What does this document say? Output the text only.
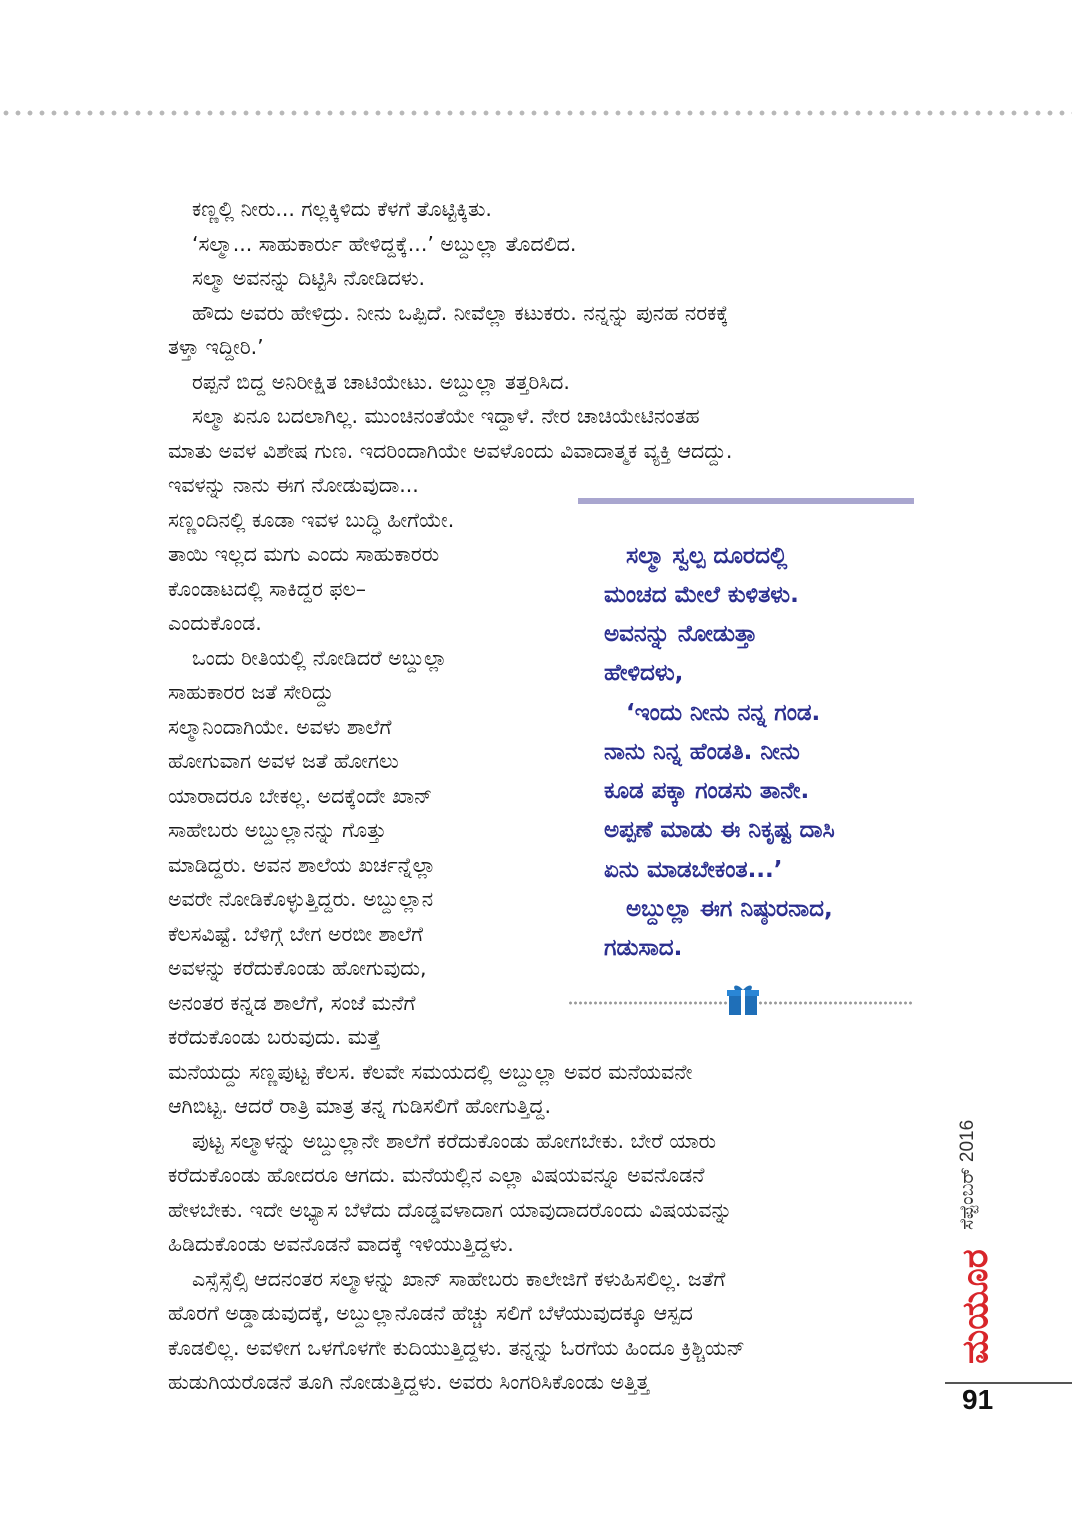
ಕಣ್ಣಲ್ಲಿ ನೀರು... ಗಲ್ಲಕ್ಕಿಳಿದು ಕೆಳಗೆ ತೊಟ್ಟಿಕ್ಕಿತು.
‘ಸಲ್ಮಾ... ಸಾಹುಕಾರ್ರು ಹೇಳಿದ್ದಕ್ಕೆ...’ ಅಬ್ದುಲ್ಲಾ ತೊದಲಿದ.
ಸಲ್ಮಾ ಅವನನ್ನು ದಿಟ್ಟಿಸಿ ನೋಡಿದಳು.
ಹೌದು ಅವರು ಹೇಳಿದ್ರು. ನೀನು ಒಪ್ಪಿದೆ. ನೀವೆಲ್ಲಾ ಕಟುಕರು. ನನ್ನನ್ನು ಪುನಹ ನರಕಕ್ಕೆ
ತಳ್ತಾ ಇದ್ದೀರಿ.’
ರಪ್ಪನೆ ಬಿದ್ದ ಅನಿರೀಕ್ಷಿತ ಚಾಟಿಯೇಟು. ಅಬ್ದುಲ್ಲಾ ತತ್ತರಿಸಿದ.
ಸಲ್ಮಾ ಏನೂ ಬದಲಾಗಿಲ್ಲ. ಮುಂಚಿನಂತೆಯೇ ಇದ್ದಾಳೆ. ನೇರ ಚಾಚಿಯೇಟಿನಂತಹ
ಮಾತು ಅವಳ ವಿಶೇಷ ಗುಣ. ಇದರಿಂದಾಗಿಯೇ ಅವಳೊಂದು ವಿವಾದಾತ್ಮಕ ವ್ಯಕ್ತಿ ಆದದ್ದು.
ಇವಳನ್ನು ನಾನು ಈಗ ನೋಡುವುದಾ...
ಸಣ್ಣಂದಿನಲ್ಲಿ ಕೂಡಾ ಇವಳ ಬುದ್ಧಿ ಹೀಗೆಯೇ.
ತಾಯಿ ಇಲ್ಲದ ಮಗು ಎಂದು ಸಾಹುಕಾರರು
ಕೊಂಡಾಟದಲ್ಲಿ ಸಾಕಿದ್ದರ ಫಲ–
ಎಂದುಕೊಂಡ.
ಒಂದು ರೀತಿಯಲ್ಲಿ ನೋಡಿದರೆ ಅಬ್ದುಲ್ಲಾ
ಸಾಹುಕಾರರ ಜತೆ ಸೇರಿದ್ದು
ಸಲ್ಮಾನಿಂದಾಗಿಯೇ. ಅವಳು ಶಾಲೆಗೆ
ಹೋಗುವಾಗ ಅವಳ ಜತೆ ಹೋಗಲು
ಯಾರಾದರೂ ಬೇಕಲ್ಲ. ಅದಕ್ಕೆಂದೇ ಖಾನ್
ಸಾಹೇಬರು ಅಬ್ದುಲ್ಲಾನನ್ನು ಗೊತ್ತು
ಮಾಡಿದ್ದರು. ಅವನ ಶಾಲೆಯ ಖರ್ಚನ್ನೆಲ್ಲಾ
ಅವರೇ ನೋಡಿಕೊಳ್ಳುತ್ತಿದ್ದರು. ಅಬ್ದುಲ್ಲಾನ
ಕೆಲಸವಿಷ್ಟೆ. ಬೆಳಿಗ್ಗೆ ಬೇಗ ಅರಬೀ ಶಾಲೆಗೆ
ಅವಳನ್ನು ಕರೆದುಕೊಂಡು ಹೋಗುವುದು,
ಅನಂತರ ಕನ್ನಡ ಶಾಲೆಗೆ, ಸಂಜೆ ಮನೆಗೆ
ಕರೆದುಕೊಂಡು ಬರುವುದು. ಮತ್ತೆ
ಮನೆಯದ್ದು ಸಣ್ಣಪುಟ್ಟ ಕೆಲಸ. ಕೆಲವೇ ಸಮಯದಲ್ಲಿ ಅಬ್ದುಲ್ಲಾ ಅವರ ಮನೆಯವನೇ
ಆಗಿಬಿಟ್ಟ. ಆದರೆ ರಾತ್ರಿ ಮಾತ್ರ ತನ್ನ ಗುಡಿಸಲಿಗೆ ಹೋಗುತ್ತಿದ್ದ.
ಪುಟ್ಟ ಸಲ್ಮಾಳನ್ನು ಅಬ್ದುಲ್ಲಾನೇ ಶಾಲೆಗೆ ಕರೆದುಕೊಂಡು ಹೋಗಬೇಕು. ಬೇರೆ ಯಾರು
ಕರೆದುಕೊಂಡು ಹೋದರೂ ಆಗದು. ಮನೆಯಲ್ಲಿನ ಎಲ್ಲಾ ವಿಷಯವನ್ನೂ ಅವನೊಡನೆ
ಹೇಳಬೇಕು. ಇದೇ ಅಭ್ಯಾಸ ಬೆಳೆದು ದೊಡ್ಡವಳಾದಾಗ ಯಾವುದಾದರೊಂದು ವಿಷಯವನ್ನು
ಹಿಡಿದುಕೊಂಡು ಅವನೊಡನೆ ವಾದಕ್ಕೆ ಇಳಿಯುತ್ತಿದ್ದಳು.
ಎಸ್ಸೆಸ್ಸೆಲ್ಸಿ ಆದನಂತರ ಸಲ್ಮಾಳನ್ನು ಖಾನ್ ಸಾಹೇಬರು ಕಾಲೇಜಿಗೆ ಕಳುಹಿಸಲಿಲ್ಲ. ಜತೆಗೆ
ಹೊರಗೆ ಅಡ್ಡಾಡುವುದಕ್ಕೆ, ಅಬ್ದುಲ್ಲಾನೊಡನೆ ಹೆಚ್ಚು ಸಲಿಗೆ ಬೆಳೆಯುವುದಕ್ಕೂ ಆಸ್ಪದ
ಕೊಡಲಿಲ್ಲ. ಅವಳೀಗ ಒಳಗೊಳಗೇ ಕುದಿಯುತ್ತಿದ್ದಳು. ತನ್ನನ್ನು ಓರಗೆಯ ಹಿಂದೂ ಕ್ರಿಶ್ಚಿಯನ್
ಹುಡುಗಿಯರೊಡನೆ ತೂಗಿ ನೋಡುತ್ತಿದ್ದಳು. ಅವರು ಸಿಂಗರಿಸಿಕೊಂಡು ಅತ್ತಿತ್ತ
ಸಲ್ಮಾ ಸ್ವಲ್ಪ ದೂರದಲ್ಲಿ
ಮಂಚದ ಮೇಲೆ ಕುಳಿತಳು.
ಅವನನ್ನು ನೋಡುತ್ತಾ
ಹೇಳಿದಳು,
‘ಇಂದು ನೀನು ನನ್ನ ಗಂಡ.
ನಾನು ನಿನ್ನ ಹೆಂಡತಿ. ನೀನು
ಕೂಡ ಪಕ್ಕಾ ಗಂಡಸು ತಾನೇ.
ಅಪ್ಪಣೆ ಮಾಡು ಈ ನಿಕೃಷ್ಟ ದಾಸಿ
ಏನು ಮಾಡಬೇಕಂತ...’
ಅಬ್ದುಲ್ಲಾ ಈಗ ನಿಷ್ಠುರನಾದ,
ಗಡುಸಾದ.
ಸೆಪ್ಟೆಂಬರ್ 2016
ಮಯೂರ
91
